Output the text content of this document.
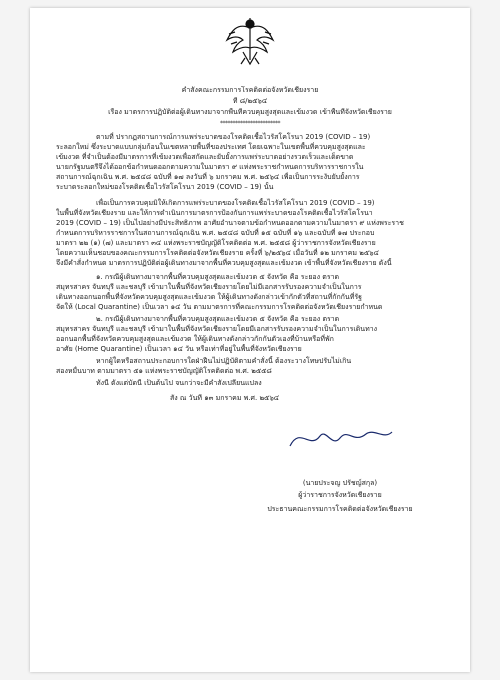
คำสั่งคณะกรรมการโรคติดต่อจังหวัดเชียงราย
ที่ ๘/๒๕๖๔
เรื่อง มาตรการปฏิบัติต่อผู้เดินทางมาจากพื้นที่ควบคุมสูงสุดและเข้มงวด เข้าพื้นที่จังหวัดเชียงราย
************************
ตามที่ ปรากฏสถานการณ์การแพร่ระบาดของโรคติดเชื้อไวรัสโคโรนา 2019 (COVID – 19)
ระลอกใหม่ ซึ่งระบาดแบบกลุ่มก้อนในเขตหลายพื้นที่ของประเทศ โดยเฉพาะในเขตพื้นที่ควบคุมสูงสุดและ
เข้มงวด ที่จำเป็นต้องมีมาตรการที่เข้มงวดเพื่อสกัดและยับยั้งการแพร่ระบาดอย่างรวดเร็วและเด็ดขาด
นายกรัฐมนตรีจึงได้ออกข้อกำหนดออกตามความในมาตรา ๙ แห่งพระราชกำหนดการบริหารราชการใน
สถานการณ์ฉุกเฉิน พ.ศ. ๒๕๔๘ ฉบับที่ ๑๗ ลงวันที่ ๖ มกราคม พ.ศ. ๒๕๖๔ เพื่อเป็นการระงับยับยั้งการ
ระบาดระลอกใหม่ของโรคติดเชื้อไวรัสโคโรนา 2019 (COVID – 19) นั้น
เพื่อเป็นการควบคุมมิให้เกิดการแพร่ระบาดของโรคติดเชื้อไวรัสโคโรนา 2019 (COVID – 19)
ในพื้นที่จังหวัดเชียงราย และให้การดำเนินการมาตรการป้องกันการแพร่ระบาดของโรคติดเชื้อไวรัสโคโรนา
2019 (COVID – 19) เป็นไปอย่างมีประสิทธิภาพ อาศัยอำนาจตามข้อกำหนดออกตามความในมาตรา ๙ แห่งพระราช
กำหนดการบริหารราชการในสถานการณ์ฉุกเฉิน พ.ศ. ๒๕๔๘ ฉบับที่ ๑๕ ฉบับที่ ๑๖ และฉบับที่ ๑๗ ประกอบ
มาตรา ๒๒ (๑) (๗) และมาตรา ๓๔ แห่งพระราชบัญญัติโรคติดต่อ พ.ศ. ๒๕๕๘ ผู้ว่าราชการจังหวัดเชียงราย
โดยความเห็นชอบของคณะกรรมการโรคติดต่อจังหวัดเชียงราย ครั้งที่ ๖/๒๕๖๔ เมื่อวันที่ ๑๒ มกราคม ๒๕๖๔
จึงมีคำสั่งกำหนด มาตรการปฏิบัติต่อผู้เดินทางมาจากพื้นที่ควบคุมสูงสุดและเข้มงวด เข้าพื้นที่จังหวัดเชียงราย ดังนี้
๑. กรณีผู้เดินทางมาจากพื้นที่ควบคุมสูงสุดและเข้มงวด ๕ จังหวัด คือ ระยอง ตราด
สมุทรสาคร จันทบุรี และชลบุรี เข้ามาในพื้นที่จังหวัดเชียงรายโดยไม่มีเอกสารรับรองความจำเป็นในการ
เดินทางออกนอกพื้นที่จังหวัดควบคุมสูงสุดและเข้มงวด ให้ผู้เดินทางดังกล่าวเข้ากักตัวที่สถานที่กักกันที่รัฐ
จัดให้ (Local Quarantine) เป็นเวลา ๑๔ วัน ตามมาตรการที่คณะกรรมการโรคติดต่อจังหวัดเชียงรายกำหนด
๒. กรณีผู้เดินทางมาจากพื้นที่ควบคุมสูงสุดและเข้มงวด ๕ จังหวัด คือ ระยอง ตราด
สมุทรสาคร จันทบุรี และชลบุรี เข้ามาในพื้นที่จังหวัดเชียงรายโดยมีเอกสารรับรองความจำเป็นในการเดินทาง
ออกนอกพื้นที่จังหวัดควบคุมสูงสุดและเข้มงวด ให้ผู้เดินทางดังกล่าวกักกันตัวเองที่บ้านหรือที่พัก
อาศัย (Home Quarantine) เป็นเวลา ๑๔ วัน หรือเท่าที่อยู่ในพื้นที่จังหวัดเชียงราย
หากผู้ใดหรือสถานประกอบการใดฝ่าฝืนไม่ปฏิบัติตามคำสั่งนี้ ต้องระวางโทษปรับไม่เกิน
สองหมื่นบาท ตามมาตรา ๕๑ แห่งพระราชบัญญัติโรคติดต่อ พ.ศ. ๒๕๕๘
ทั้งนี้ ตั้งแต่บัดนี้ เป็นต้นไป จนกว่าจะมีคำสั่งเปลี่ยนแปลง
สั่ง ณ วันที่ ๑๓ มกราคม พ.ศ. ๒๕๖๔
(นายประจญ ปรัชญ์สกุล)
ผู้ว่าราชการจังหวัดเชียงราย
ประธานคณะกรรมการโรคติดต่อจังหวัดเชียงราย
